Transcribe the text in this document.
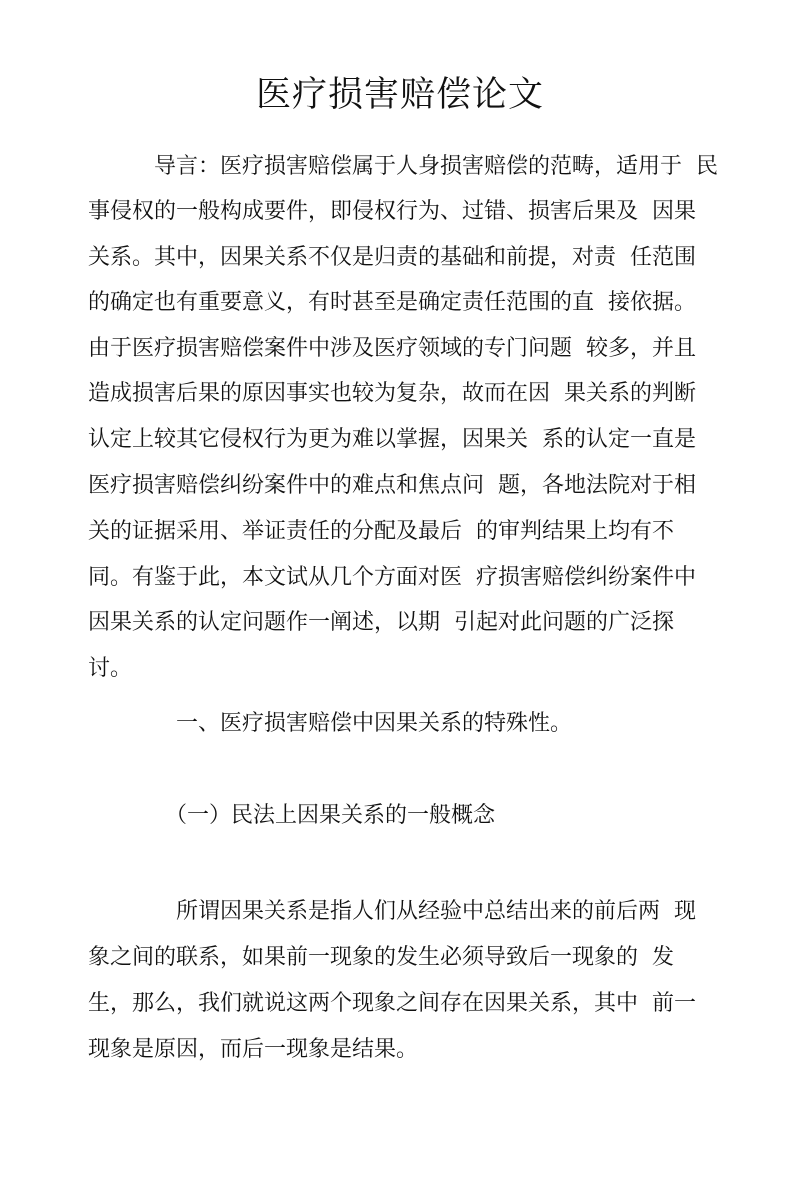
医疗损害赔偿论文

　　　导言：医疗损害赔偿属于人身损害赔偿的范畴，适用于  民

事侵权的一般构成要件，即侵权行为、过错、损害后果及  因果

关系。其中，因果关系不仅是归责的基础和前提，对责  任范围

的确定也有重要意义，有时甚至是确定责任范围的直  接依据。

由于医疗损害赔偿案件中涉及医疗领域的专门问题  较多，并且

造成损害后果的原因事实也较为复杂，故而在因  果关系的判断

认定上较其它侵权行为更为难以掌握，因果关  系的认定一直是

医疗损害赔偿纠纷案件中的难点和焦点问  题，各地法院对于相

关的证据采用、举证责任的分配及最后  的审判结果上均有不

同。有鉴于此，本文试从几个方面对医  疗损害赔偿纠纷案件中

因果关系的认定问题作一阐述，以期  引起对此问题的广泛探

讨。

　　　　一、医疗损害赔偿中因果关系的特殊性。

　　　　（一）民法上因果关系的一般概念

　　　　所谓因果关系是指人们从经验中总结出来的前后两  现

象之间的联系，如果前一现象的发生必须导致后一现象的  发

生，那么，我们就说这两个现象之间存在因果关系，其中  前一

现象是原因，而后一现象是结果。
